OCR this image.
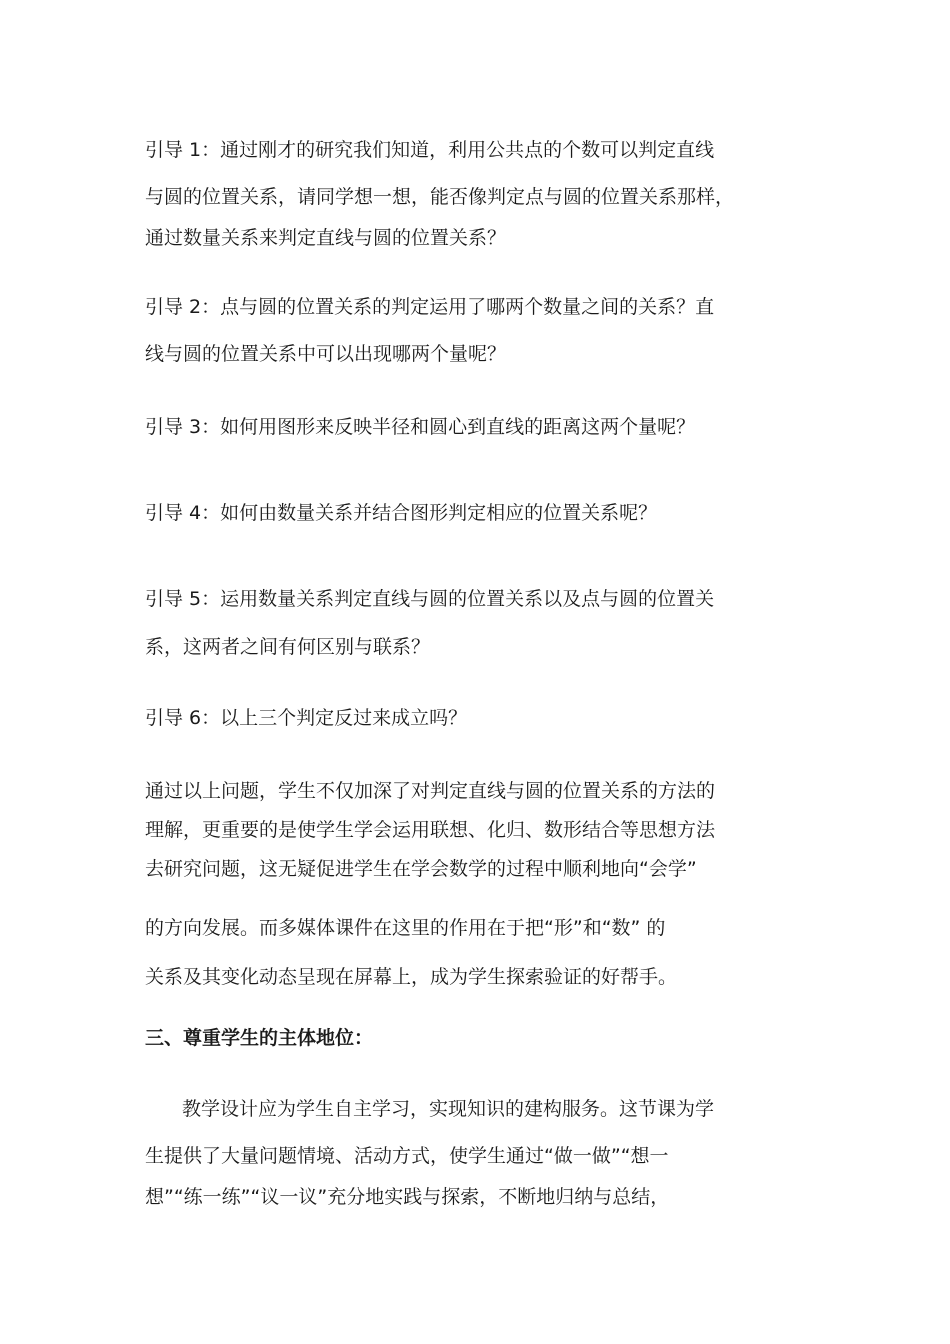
引导 1：通过刚才的研究我们知道，利用公共点的个数可以判定直线
与圆的位置关系，请同学想一想，能否像判定点与圆的位置关系那样，
通过数量关系来判定直线与圆的位置关系？
引导 2：点与圆的位置关系的判定运用了哪两个数量之间的关系？直
线与圆的位置关系中可以出现哪两个量呢？
引导 3：如何用图形来反映半径和圆心到直线的距离这两个量呢？
引导 4：如何由数量关系并结合图形判定相应的位置关系呢？
引导 5：运用数量关系判定直线与圆的位置关系以及点与圆的位置关
系，这两者之间有何区别与联系？
引导 6：以上三个判定反过来成立吗？
通过以上问题，学生不仅加深了对判定直线与圆的位置关系的方法的
理解，更重要的是使学生学会运用联想、化归、数形结合等思想方法
去研究问题，这无疑促进学生在学会数学的过程中顺利地向“会学”
的方向发展。而多媒体课件在这里的作用在于把“形”和“数” 的
关系及其变化动态呈现在屏幕上，成为学生探索验证的好帮手。
三、尊重学生的主体地位：
教学设计应为学生自主学习，实现知识的建构服务。这节课为学
生提供了大量问题情境、活动方式，使学生通过“做一做”“想一
想”“练一练”“议一议”充分地实践与探索，不断地归纳与总结，
